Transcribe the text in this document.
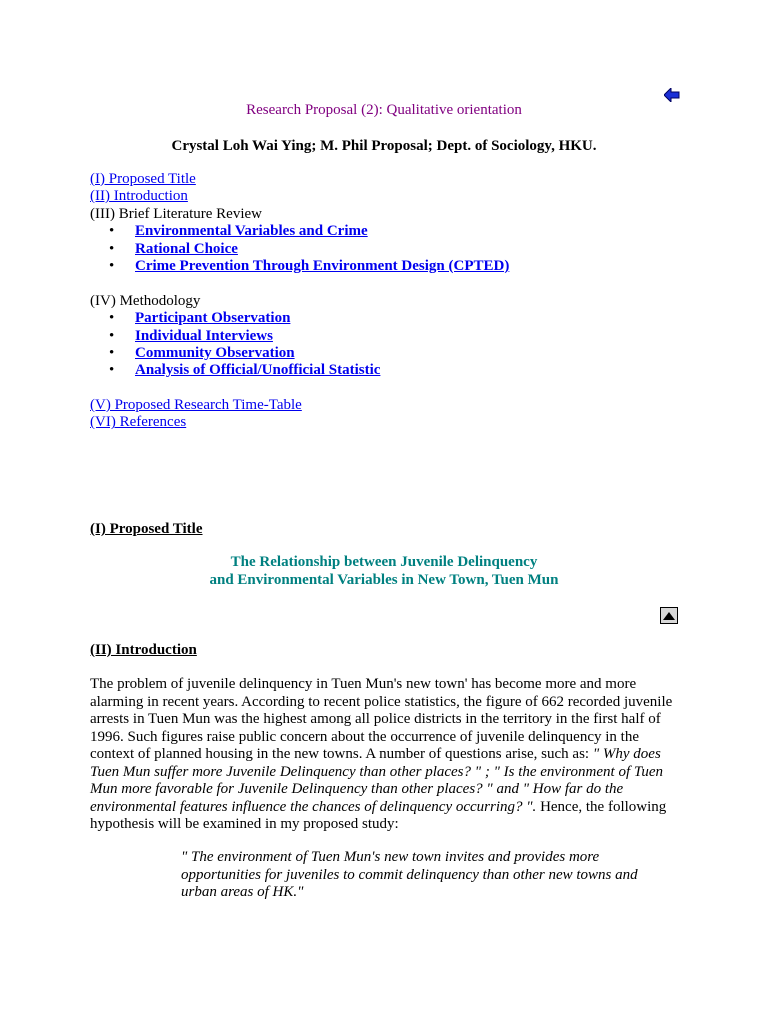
Research Proposal (2): Qualitative orientation
Crystal Loh Wai Ying; M. Phil Proposal; Dept. of Sociology, HKU.
(I) Proposed Title
(II) Introduction
(III) Brief Literature Review
• Environmental Variables and Crime
• Rational Choice
• Crime Prevention Through Environment Design (CPTED)
(IV) Methodology
• Participant Observation
• Individual Interviews
• Community Observation
• Analysis of Official/Unofficial Statistic
(V) Proposed Research Time-Table
(VI) References
(I) Proposed Title
The Relationship between Juvenile Delinquency
and Environmental Variables in New Town, Tuen Mun
(II) Introduction
The problem of juvenile delinquency in Tuen Mun's new town' has become more and more alarming in recent years. According to recent police statistics, the figure of 662 recorded juvenile arrests in Tuen Mun was the highest among all police districts in the territory in the first half of 1996. Such figures raise public concern about the occurrence of juvenile delinquency in the context of planned housing in the new towns. A number of questions arise, such as: " Why does Tuen Mun suffer more Juvenile Delinquency than other places? " ; " Is the environment of Tuen Mun more favorable for Juvenile Delinquency than other places? " and " How far do the environmental features influence the chances of delinquency occurring? ". Hence, the following hypothesis will be examined in my proposed study:
" The environment of Tuen Mun's new town invites and provides more opportunities for juveniles to commit delinquency than other new towns and urban areas of HK."
